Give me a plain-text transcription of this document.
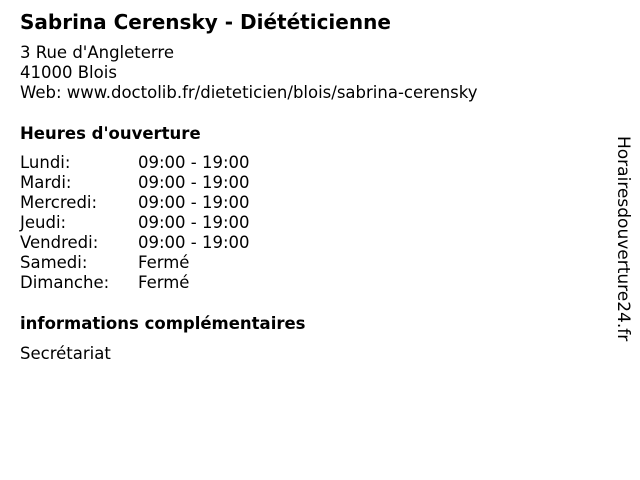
Sabrina Cerensky - Diététicienne
3 Rue d'Angleterre
41000 Blois
Web: www.doctolib.fr/dieteticien/blois/sabrina-cerensky
Heures d'ouverture
Lundi:	09:00 - 19:00
Mardi:	09:00 - 19:00
Mercredi: 09:00 - 19:00
Jeudi:	09:00 - 19:00
Vendredi: 09:00 - 19:00
Samedi:	Fermé
Dimanche: Fermé
informations complémentaires
Secrétariat
Horairesdouverture24.fr
